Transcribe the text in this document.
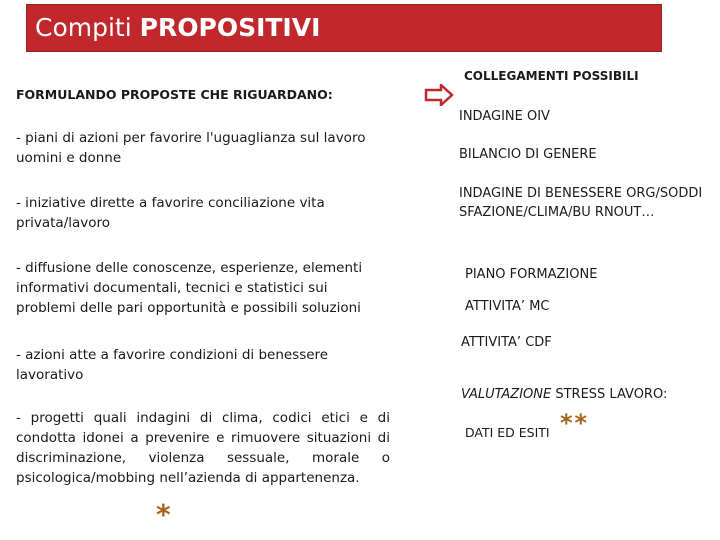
Compiti PROPOSITIVI
FORMULANDO PROPOSTE CHE RIGUARDANO:
- piani di azioni per favorire l'uguaglianza sul lavoro uomini e donne
- iniziative dirette a favorire conciliazione vita privata/lavoro
- diffusione delle conoscenze, esperienze, elementi informativi documentali, tecnici e statistici sui problemi delle pari opportunità e possibili soluzioni
- azioni atte a favorire condizioni di benessere lavorativo
- progetti quali indagini di clima, codici etici e di condotta idonei a prevenire e rimuovere situazioni di discriminazione, violenza sessuale, morale o psicologica/mobbing nell’azienda di appartenenza.
*
COLLEGAMENTI POSSIBILI
INDAGINE OIV
BILANCIO DI GENERE
INDAGINE DI BENESSERE ORG/SODDISFAZIONE/CLIMA/BU RNOUT…
PIANO FORMAZIONE
ATTIVITA’ MC
ATTIVITA’ CDF
VALUTAZIONE STRESS LAVORO:
DATI ED ESITI **
